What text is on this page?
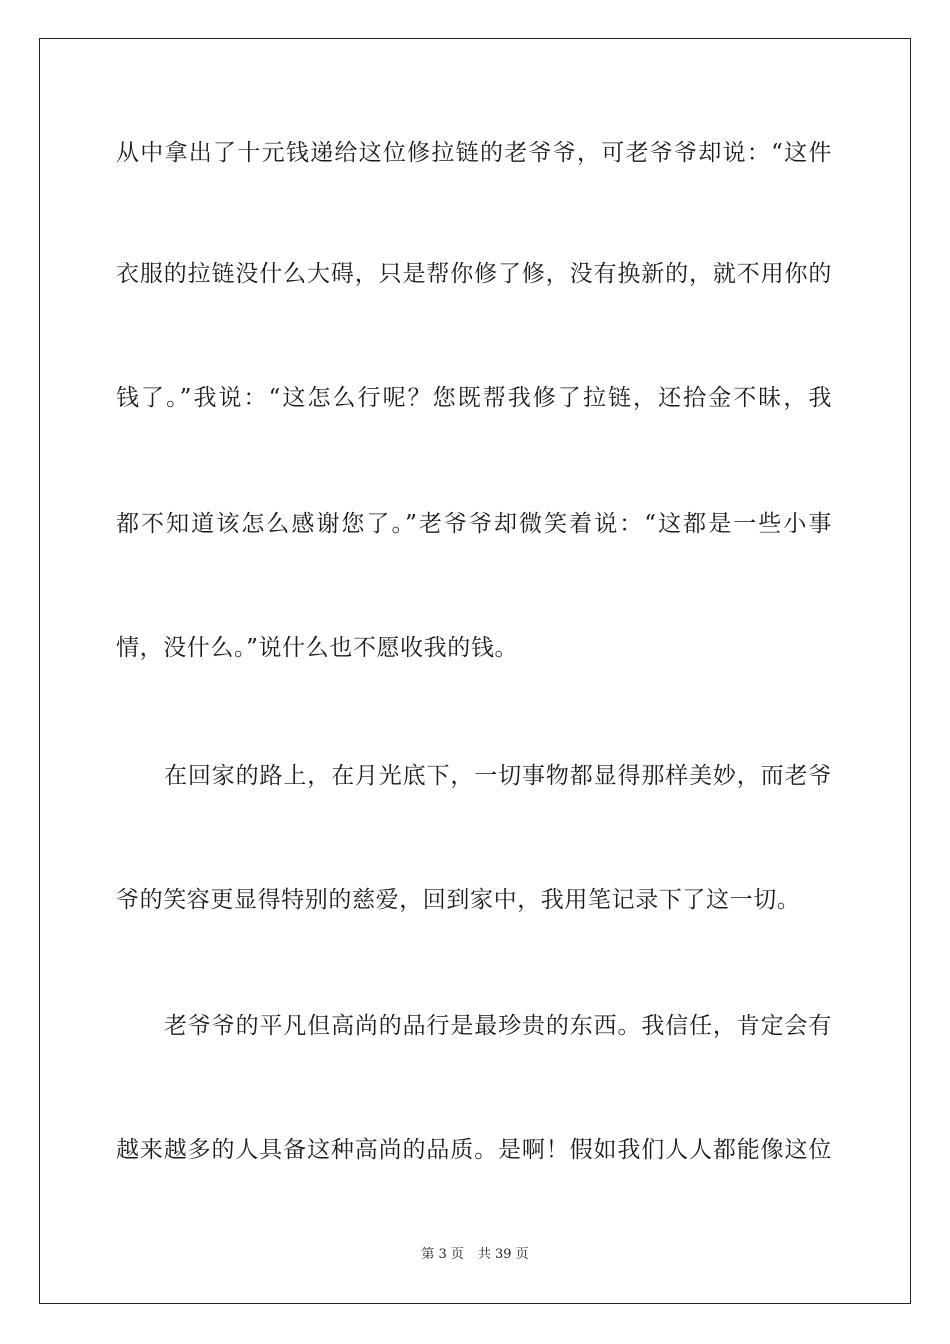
从中拿出了十元钱递给这位修拉链的老爷爷，可老爷爷却说：“这件
衣服的拉链没什么大碍，只是帮你修了修，没有换新的，就不用你的
钱了。”我说：“这怎么行呢？您既帮我修了拉链，还拾金不昧，我
都不知道该怎么感谢您了。”老爷爷却微笑着说：“这都是一些小事
情，没什么。”说什么也不愿收我的钱。
在回家的路上，在月光底下，一切事物都显得那样美妙，而老爷
爷的笑容更显得特别的慈爱，回到家中，我用笔记录下了这一切。
老爷爷的平凡但高尚的品行是最珍贵的东西。我信任，肯定会有
越来越多的人具备这种高尚的品质。是啊！假如我们人人都能像这位
第 3 页 共 39 页
